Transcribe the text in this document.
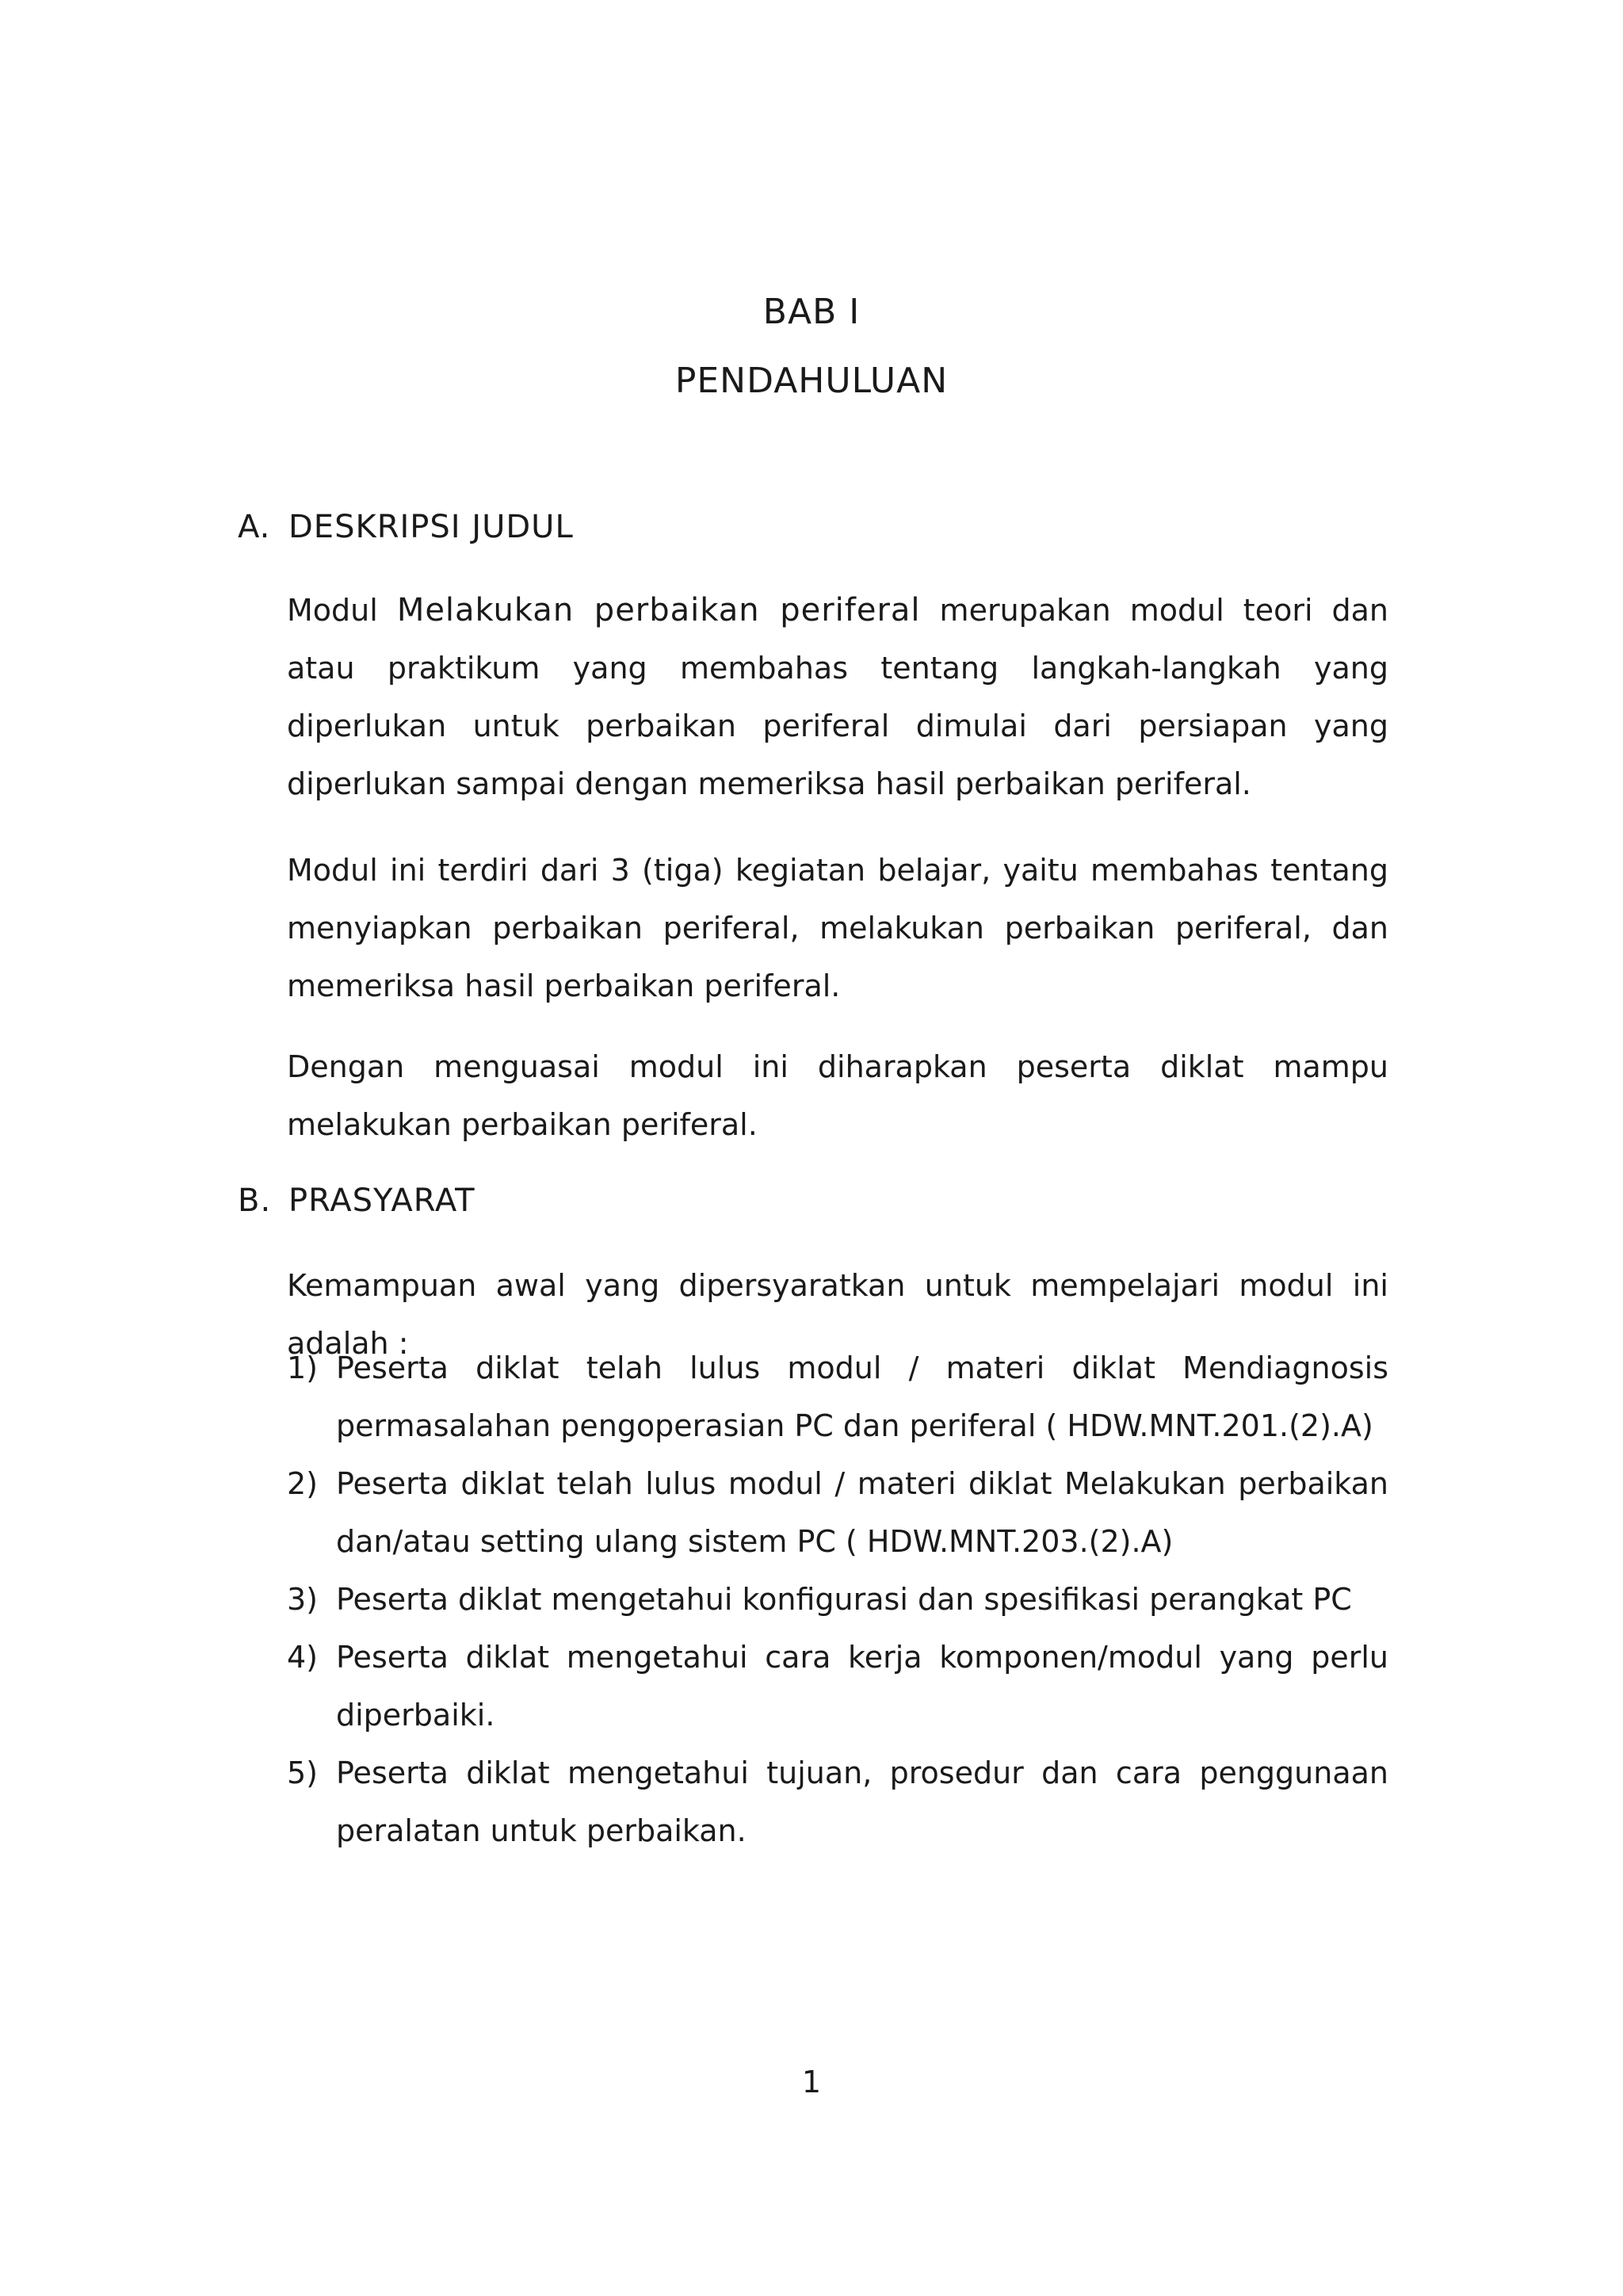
BAB I
PENDAHULUAN
A. DESKRIPSI JUDUL

Modul Melakukan perbaikan periferal merupakan modul teori dan atau praktikum yang membahas tentang langkah-langkah yang diperlukan untuk perbaikan periferal dimulai dari persiapan yang diperlukan sampai dengan memeriksa hasil perbaikan periferal.

Modul ini terdiri dari 3 (tiga) kegiatan belajar, yaitu membahas tentang menyiapkan perbaikan periferal, melakukan perbaikan periferal, dan memeriksa hasil perbaikan periferal.

Dengan menguasai modul ini diharapkan peserta diklat mampu melakukan perbaikan periferal.

B. PRASYARAT

Kemampuan awal yang dipersyaratkan untuk mempelajari modul ini adalah :

1) Peserta diklat telah lulus modul / materi diklat Mendiagnosis permasalahan pengoperasian PC dan periferal ( HDW.MNT.201.(2).A)
2) Peserta diklat telah lulus modul / materi diklat Melakukan perbaikan dan/atau setting ulang sistem PC ( HDW.MNT.203.(2).A)
3) Peserta diklat mengetahui konfigurasi dan spesifikasi perangkat PC
4) Peserta diklat mengetahui cara kerja komponen/modul yang perlu diperbaiki.
5) Peserta diklat mengetahui tujuan, prosedur dan cara penggunaan peralatan untuk perbaikan.
1
